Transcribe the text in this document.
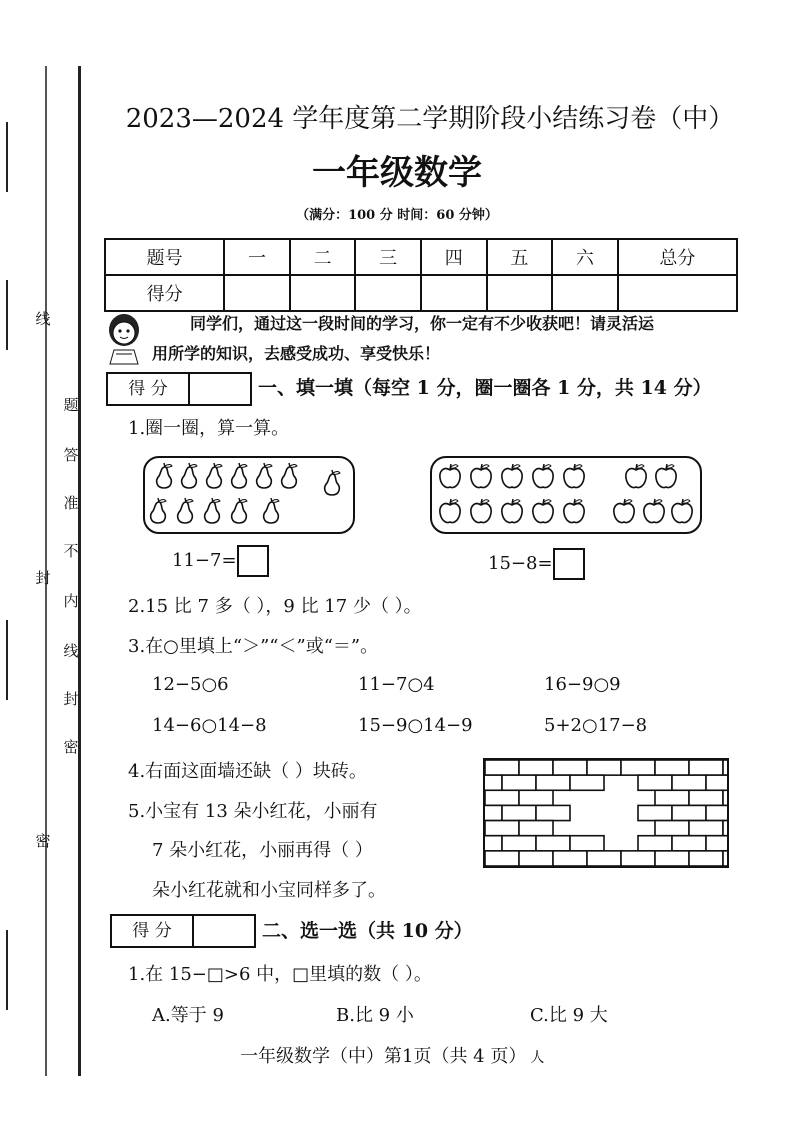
线
题
答
准
不
内
线
封
密
封
密
2023—2024 学年度第二学期阶段小结练习卷（中）
一年级数学
（满分：100 分 时间：60 分钟）
题号	一	二	三	四	五	六	总分
得分							
同学们，通过这一段时间的学习，你一定有不少收获吧！请灵活运
用所学的知识，去感受成功、享受快乐！
得 分	一、填一填（每空 1 分，圈一圈各 1 分，共 14 分）
1.圈一圈，算一算。
11−7=	15−8=
2.15 比 7 多（ ），9 比 17 少（ ）。
3.在○里填上“＞”“＜”或“＝”。
12−5○6	11−7○4	16−9○9
14−6○14−8	15−9○14−9	5+2○17−8
4.右面这面墙还缺（ ）块砖。
5.小宝有 13 朵小红花，小丽有
7 朵小红花，小丽再得（ ）
朵小红花就和小宝同样多了。
得 分	二、选一选（共 10 分）
1.在 15−□>6 中，□里填的数（ ）。
A.等于 9	B.比 9 小	C.比 9 大
一年级数学（中）第1页（共 4 页） 人
